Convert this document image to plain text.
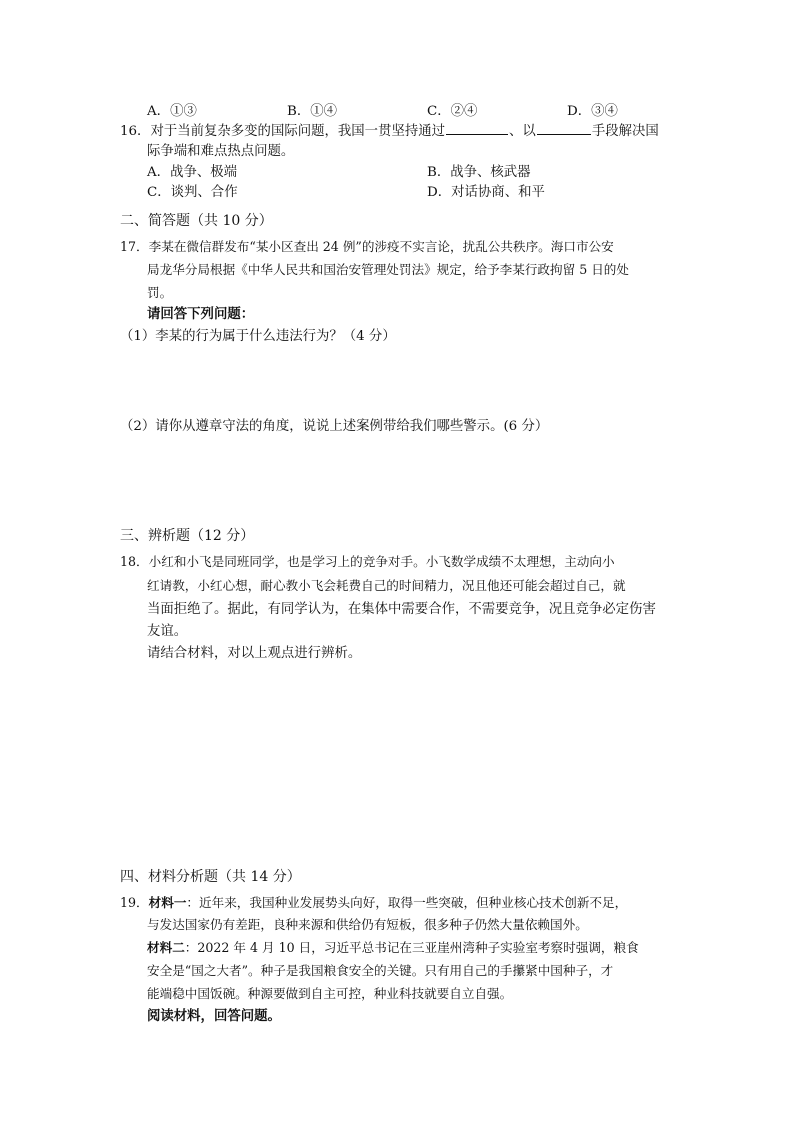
A．①③	B．①④	C．②④	D．③④
16．对于当前复杂多变的国际问题，我国一贯坚持通过	、以	手段解决国
际争端和难点热点问题。
A．战争、极端	B．战争、核武器
C．谈判、合作	D．对话协商、和平
二、简答题（共 10 分）
17．李某在微信群发布“某小区查出 24 例”的涉疫不实言论，扰乱公共秩序。海口市公安
局龙华分局根据《中华人民共和国治安管理处罚法》规定，给予李某行政拘留 5 日的处
罚。
请回答下列问题：
（1）李某的行为属于什么违法行为？（4 分）
（2）请你从遵章守法的角度，说说上述案例带给我们哪些警示。(6 分）
三、辨析题（12 分）
18．小红和小飞是同班同学，也是学习上的竞争对手。小飞数学成绩不太理想，主动向小
红请教，小红心想，耐心教小飞会耗费自己的时间精力，况且他还可能会超过自己，就
当面拒绝了。据此，有同学认为，在集体中需要合作，不需要竞争，况且竞争必定伤害
友谊。
请结合材料，对以上观点进行辨析。
四、材料分析题（共 14 分）
19．材料一：近年来，我国种业发展势头向好，取得一些突破，但种业核心技术创新不足，
与发达国家仍有差距，良种来源和供给仍有短板，很多种子仍然大量依赖国外。
材料二：2022 年 4 月 10 日，习近平总书记在三亚崖州湾种子实验室考察时强调，粮食
安全是“国之大者”。种子是我国粮食安全的关键。只有用自己的手攥紧中国种子，才
能端稳中国饭碗。种源要做到自主可控，种业科技就要自立自强。
阅读材料，回答问题。
